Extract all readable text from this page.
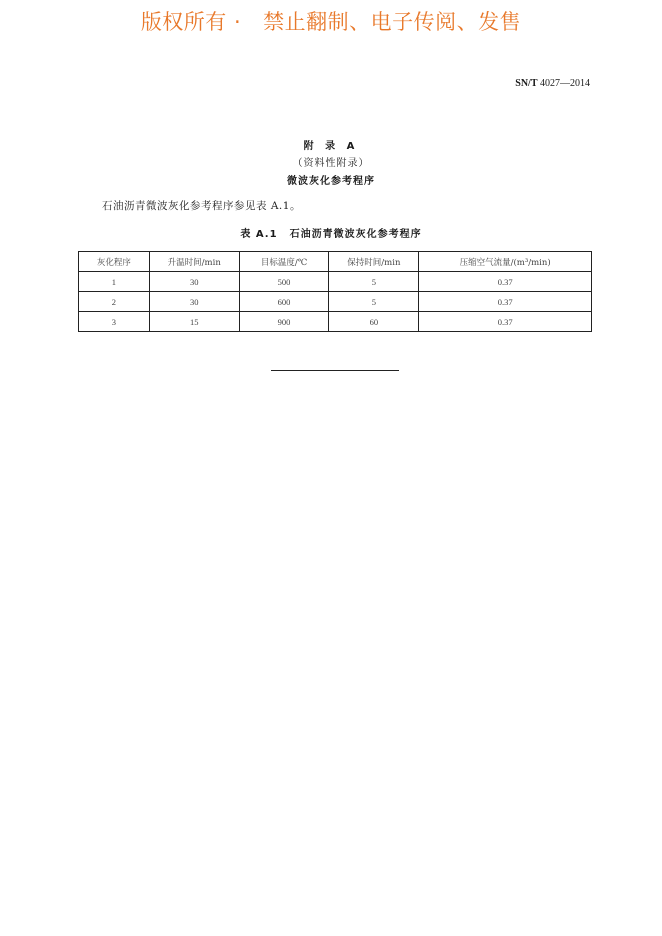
版权所有 · 禁止翻制、电子传阅、发售
SN/T 4027—2014
附 录 A
（资料性附录）
微波灰化参考程序
石油沥青微波灰化参考程序参见表 A.1。
表 A.1 石油沥青微波灰化参考程序
灰化程序	升温时间/min	目标温度/℃	保持时间/min	压缩空气流量/(m³/min)
1	30	500	5	0.37
2	30	600	5	0.37
3	15	900	60	0.37
